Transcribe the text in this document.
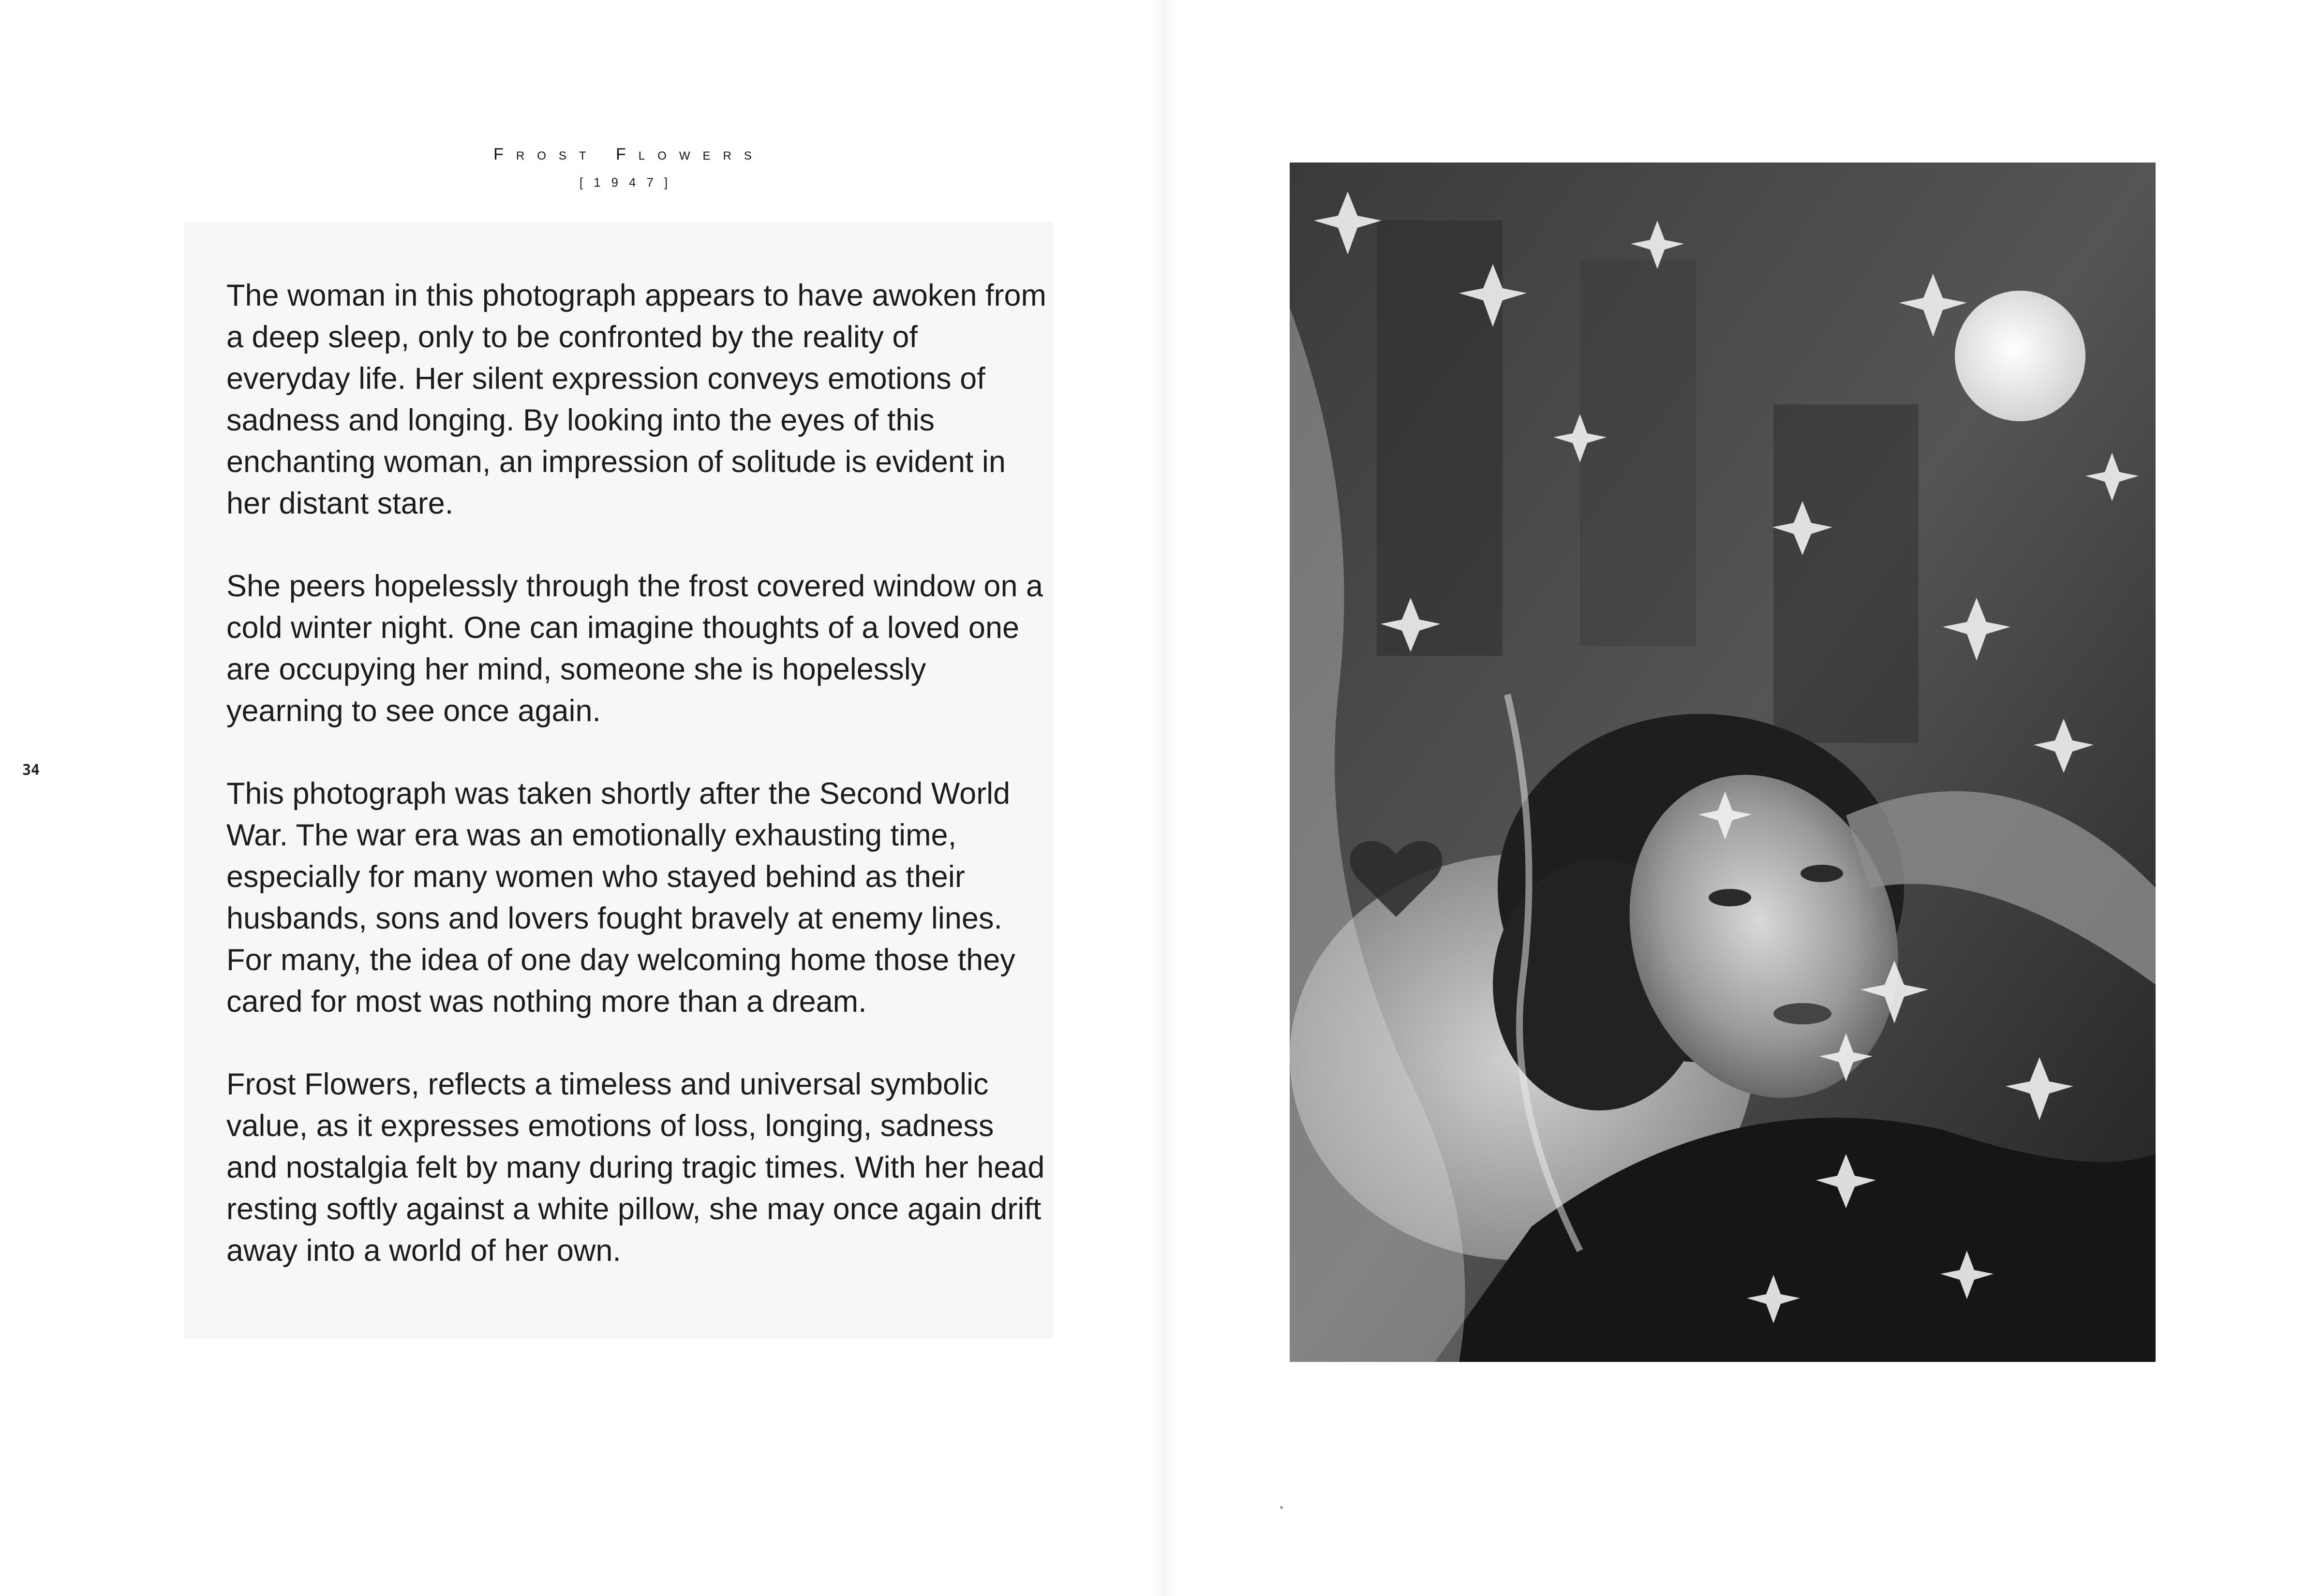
Frost Flowers
[1947]

The woman in this photograph appears to have awoken from a deep sleep, only to be confronted by the reality of everyday life. Her silent expression conveys emotions of sadness and longing. By looking into the eyes of this enchanting woman, an impression of solitude is evident in her distant stare.

She peers hopelessly through the frost covered window on a cold winter night. One can imagine thoughts of a loved one are occupying her mind, someone she is hopelessly yearning to see once again.

This photograph was taken shortly after the Second World War. The war era was an emotionally exhausting time, especially for many women who stayed behind as their husbands, sons and lovers fought bravely at enemy lines. For many, the idea of one day welcoming home those they cared for most was nothing more than a dream.

Frost Flowers, reflects a timeless and universal symbolic value, as it expresses emotions of loss, longing, sadness and nostalgia felt by many during tragic times. With her head resting softly against a white pillow, she may once again drift away into a world of her own.

34
